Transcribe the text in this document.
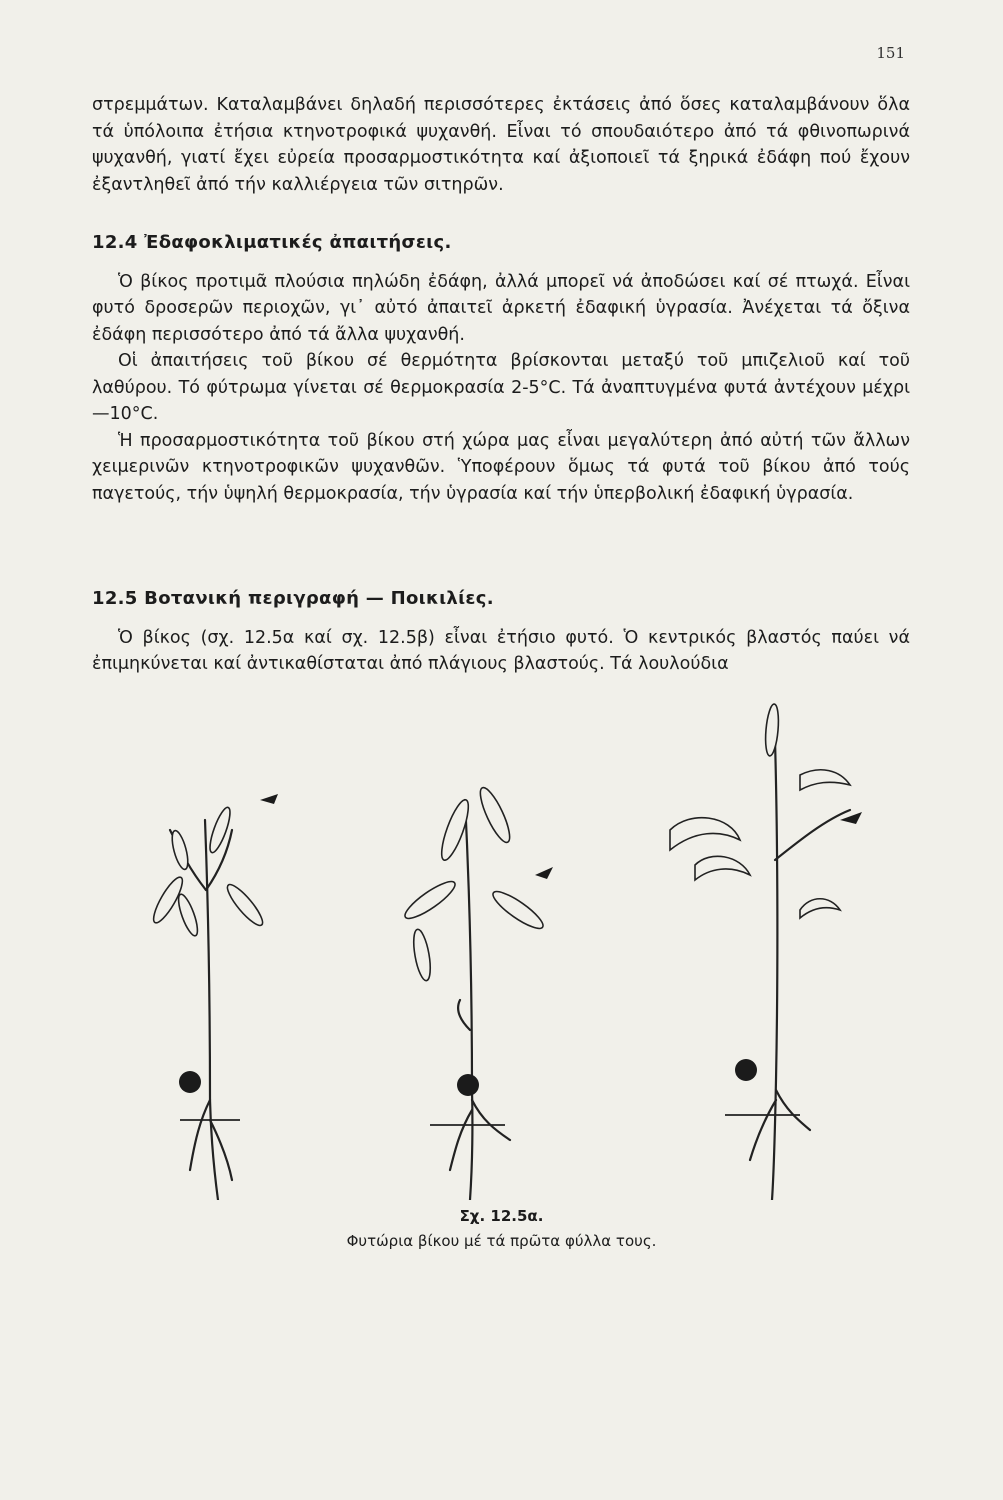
151

στρεμμάτων. Καταλαμβάνει δηλαδή περισσότερες ἐκτάσεις ἀπό ὅσες καταλαμβάνουν ὅλα τά ὑπόλοιπα ἐτήσια κτηνοτροφικά ψυχανθή. Εἶναι τό σπουδαιότερο ἀπό τά φθινοπωρινά ψυχανθή, γιατί ἔχει εὐρεία προσαρμοστικότητα καί ἀξιοποιεῖ τά ξηρικά ἐδάφη πού ἔχουν ἐξαντληθεῖ ἀπό τήν καλλιέργεια τῶν σιτηρῶν.

12.4 Ἐδαφοκλιματικές ἀπαιτήσεις.

Ὁ βίκος προτιμᾶ πλούσια πηλώδη ἐδάφη, ἀλλά μπορεῖ νά ἀποδώσει καί σέ πτωχά. Εἶναι φυτό δροσερῶν περιοχῶν, γι᾿ αὐτό ἀπαιτεῖ ἀρκετή ἐδαφική ὑγρασία. Ἀνέχεται τά ὄξινα ἐδάφη περισσότερο ἀπό τά ἄλλα ψυχανθή.

Οἱ ἀπαιτήσεις τοῦ βίκου σέ θερμότητα βρίσκονται μεταξύ τοῦ μπιζελιοῦ καί τοῦ λαθύρου. Τό φύτρωμα γίνεται σέ θερμοκρασία 2-5°C. Τά ἀναπτυγμένα φυτά ἀντέχουν μέχρι —10°C.

Ἡ προσαρμοστικότητα τοῦ βίκου στή χώρα μας εἶναι μεγαλύτερη ἀπό αὐτή τῶν ἄλλων χειμερινῶν κτηνοτροφικῶν ψυχανθῶν. Ὑποφέρουν ὅμως τά φυτά τοῦ βίκου ἀπό τούς παγετούς, τήν ὑψηλή θερμοκρασία, τήν ὑγρασία καί τήν ὑπερβολική ἐδαφική ὑγρασία.

12.5 Βοτανική περιγραφή — Ποικιλίες.

Ὁ βίκος (σχ. 12.5α καί σχ. 12.5β) εἶναι ἐτήσιο φυτό. Ὁ κεντρικός βλαστός παύει νά ἐπιμηκύνεται καί ἀντικαθίσταται ἀπό πλάγιους βλαστούς. Τά λουλούδια

Σχ. 12.5α.
Φυτώρια βίκου μέ τά πρῶτα φύλλα τους.
